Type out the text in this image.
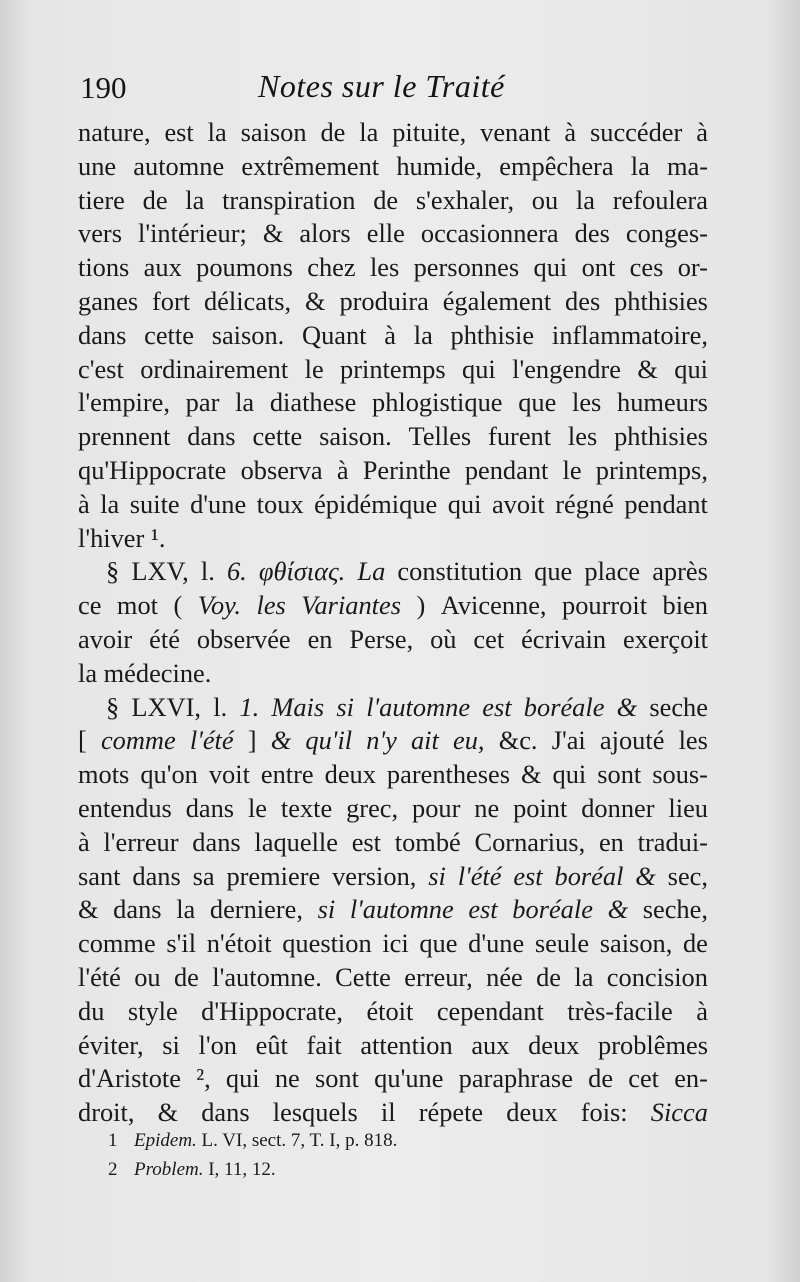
190	Notes sur le Traité
nature, est la saison de la pituite, venant à succéder à
une automne extrêmement humide, empêchera la ma-
tiere de la transpiration de s'exhaler, ou la refoulera
vers l'intérieur; & alors elle occasionnera des conges-
tions aux poumons chez les personnes qui ont ces or-
ganes fort délicats, & produira également des phthisies
dans cette saison. Quant à la phthisie inflammatoire,
c'est ordinairement le printemps qui l'engendre & qui
l'empire, par la diathese phlogistique que les humeurs
prennent dans cette saison. Telles furent les phthisies
qu'Hippocrate observa à Perinthe pendant le printemps,
à la suite d'une toux épidémique qui avoit régné pendant
l'hiver ¹.
§ LXV, l. 6. φθίσιας. La constitution que place après
ce mot ( Voy. les Variantes ) Avicenne, pourroit bien
avoir été observée en Perse, où cet écrivain exerçoit
la médecine.
§ LXVI, l. 1. Mais si l'automne est boréale & seche
[ comme l'été ] & qu'il n'y ait eu, &c. J'ai ajouté les
mots qu'on voit entre deux parentheses & qui sont sous-
entendus dans le texte grec, pour ne point donner lieu
à l'erreur dans laquelle est tombé Cornarius, en tradui-
sant dans sa premiere version, si l'été est boréal & sec,
& dans la derniere, si l'automne est boréale & seche,
comme s'il n'étoit question ici que d'une seule saison, de
l'été ou de l'automne. Cette erreur, née de la concision
du style d'Hippocrate, étoit cependant très-facile à
éviter, si l'on eût fait attention aux deux problêmes
d'Aristote ², qui ne sont qu'une paraphrase de cet en-
droit, & dans lesquels il répete deux fois: Sicca
1 Epidem. L. VI, sect. 7, T. I, p. 818.
2 Problem. I, 11, 12.
